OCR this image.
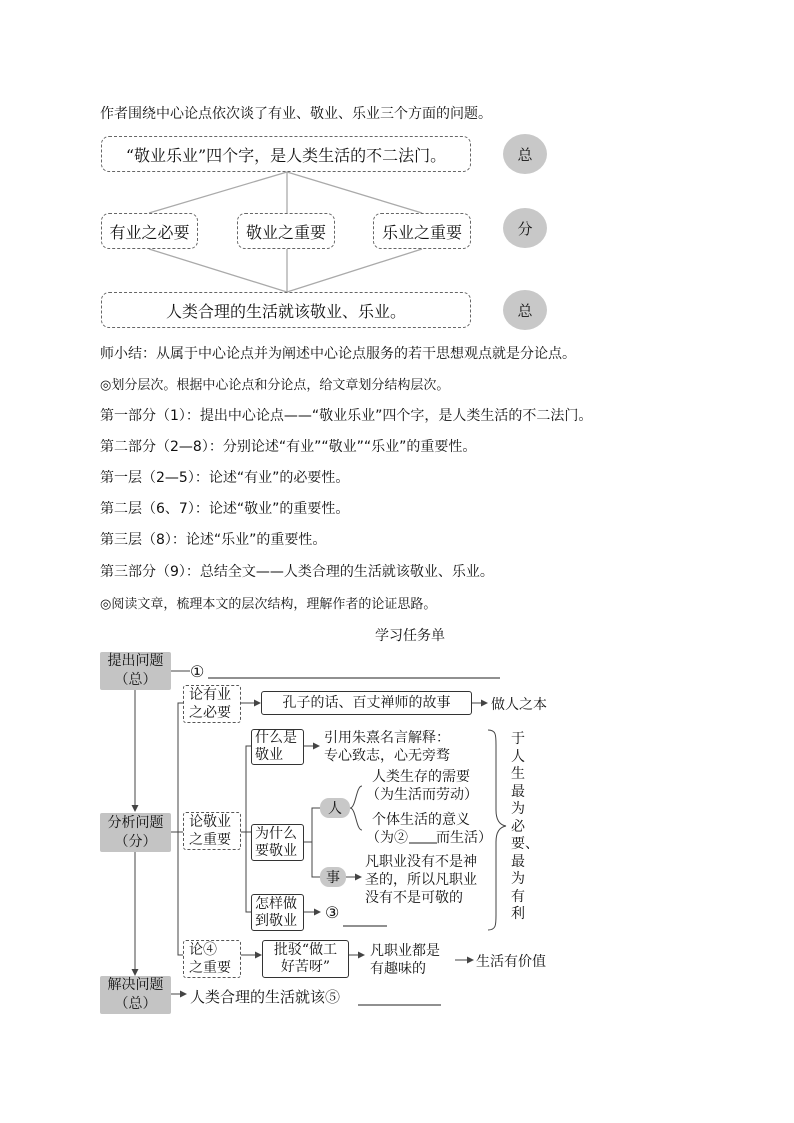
作者围绕中心论点依次谈了有业、敬业、乐业三个方面的问题。
“敬业乐业”四个字，是人类生活的不二法门。
有业之必要	敬业之重要	乐业之重要
人类合理的生活就该敬业、乐业。
总
分
总
师小结：从属于中心论点并为阐述中心论点服务的若干思想观点就是分论点。
◎划分层次。根据中心论点和分论点，给文章划分结构层次。
第一部分（1）：提出中心论点——“敬业乐业”四个字，是人类生活的不二法门。
第二部分（2—8）：分别论述“有业”“敬业”“乐业”的重要性。
第一层（2—5）：论述“有业”的必要性。
第二层（6、7）：论述“敬业”的重要性。
第三层（8）：论述“乐业”的重要性。
第三部分（9）：总结全文——人类合理的生活就该敬业、乐业。
◎阅读文章，梳理本文的层次结构，理解作者的论证思路。
学习任务单
提出问题
（总）
分析问题
（分）
解决问题
（总）
①
论有业
之必要
孔子的话、百丈禅师的故事	做人之本
论敬业
之重要
什么是
敬业
引用朱熹名言解释：
专心致志，心无旁骛
为什么
要敬业
人
事
人类生存的需要
（为生活而劳动）
个体生活的意义
（为② 而生活）
凡职业没有不是神
圣的，所以凡职业
没有不是可敬的
怎样做
到敬业 ③
于人生最为必要、最为有利
论④
之重要
批驳“做工
好苦呀”
凡职业都是
有趣味的	生活有价值
人类合理的生活就该⑤
